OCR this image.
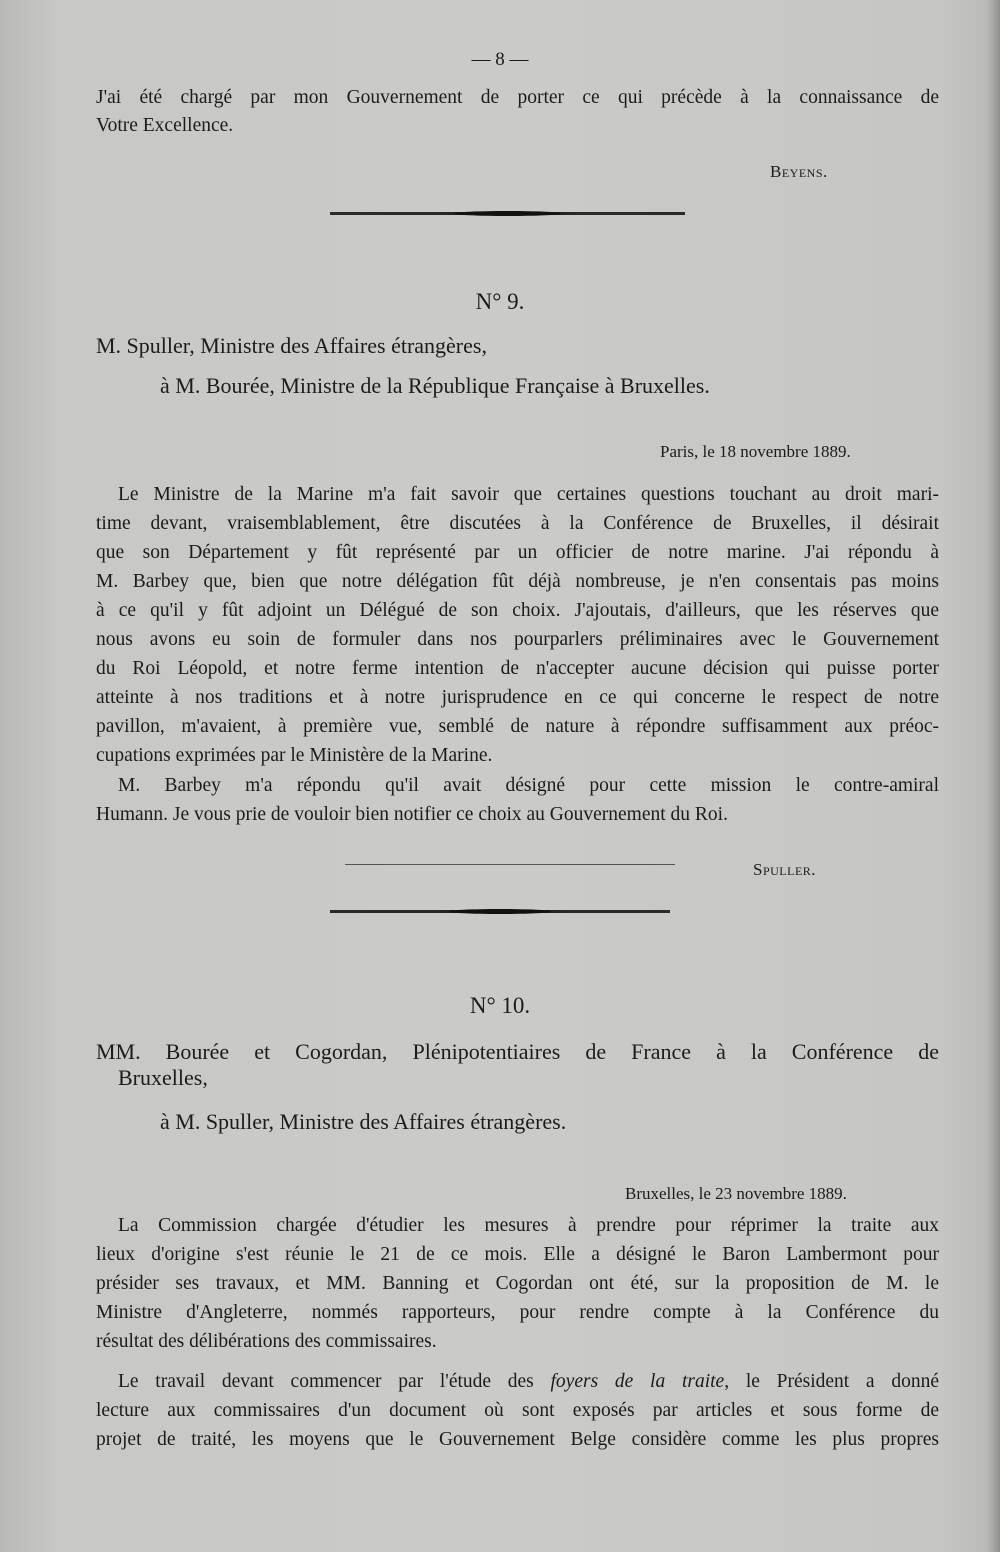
— 8 —
J'ai été chargé par mon Gouvernement de porter ce qui précède à la connaissance de
Votre Excellence.
Beyens.
N° 9.
M. Spuller, Ministre des Affaires étrangères,
à M. Bourée, Ministre de la République Française à Bruxelles.
Paris, le 18 novembre 1889.
Le Ministre de la Marine m'a fait savoir que certaines questions touchant au droit mari-
time devant, vraisemblablement, être discutées à la Conférence de Bruxelles, il désirait
que son Département y fût représenté par un officier de notre marine. J'ai répondu à
M. Barbey que, bien que notre délégation fût déjà nombreuse, je n'en consentais pas moins
à ce qu'il y fût adjoint un Délégué de son choix. J'ajoutais, d'ailleurs, que les réserves que
nous avons eu soin de formuler dans nos pourparlers préliminaires avec le Gouvernement
du Roi Léopold, et notre ferme intention de n'accepter aucune décision qui puisse porter
atteinte à nos traditions et à notre jurisprudence en ce qui concerne le respect de notre
pavillon, m'avaient, à première vue, semblé de nature à répondre suffisamment aux préoc-
cupations exprimées par le Ministère de la Marine.
M. Barbey m'a répondu qu'il avait désigné pour cette mission le contre-amiral
Humann. Je vous prie de vouloir bien notifier ce choix au Gouvernement du Roi.
Spuller.
N° 10.
MM. Bourée et Cogordan, Plénipotentiaires de France à la Conférence de
Bruxelles,
à M. Spuller, Ministre des Affaires étrangères.
Bruxelles, le 23 novembre 1889.
La Commission chargée d'étudier les mesures à prendre pour réprimer la traite aux
lieux d'origine s'est réunie le 21 de ce mois. Elle a désigné le Baron Lambermont pour
présider ses travaux, et MM. Banning et Cogordan ont été, sur la proposition de M. le
Ministre d'Angleterre, nommés rapporteurs, pour rendre compte à la Conférence du
résultat des délibérations des commissaires.
Le travail devant commencer par l'étude des foyers de la traite, le Président a donné
lecture aux commissaires d'un document où sont exposés par articles et sous forme de
projet de traité, les moyens que le Gouvernement Belge considère comme les plus propres
